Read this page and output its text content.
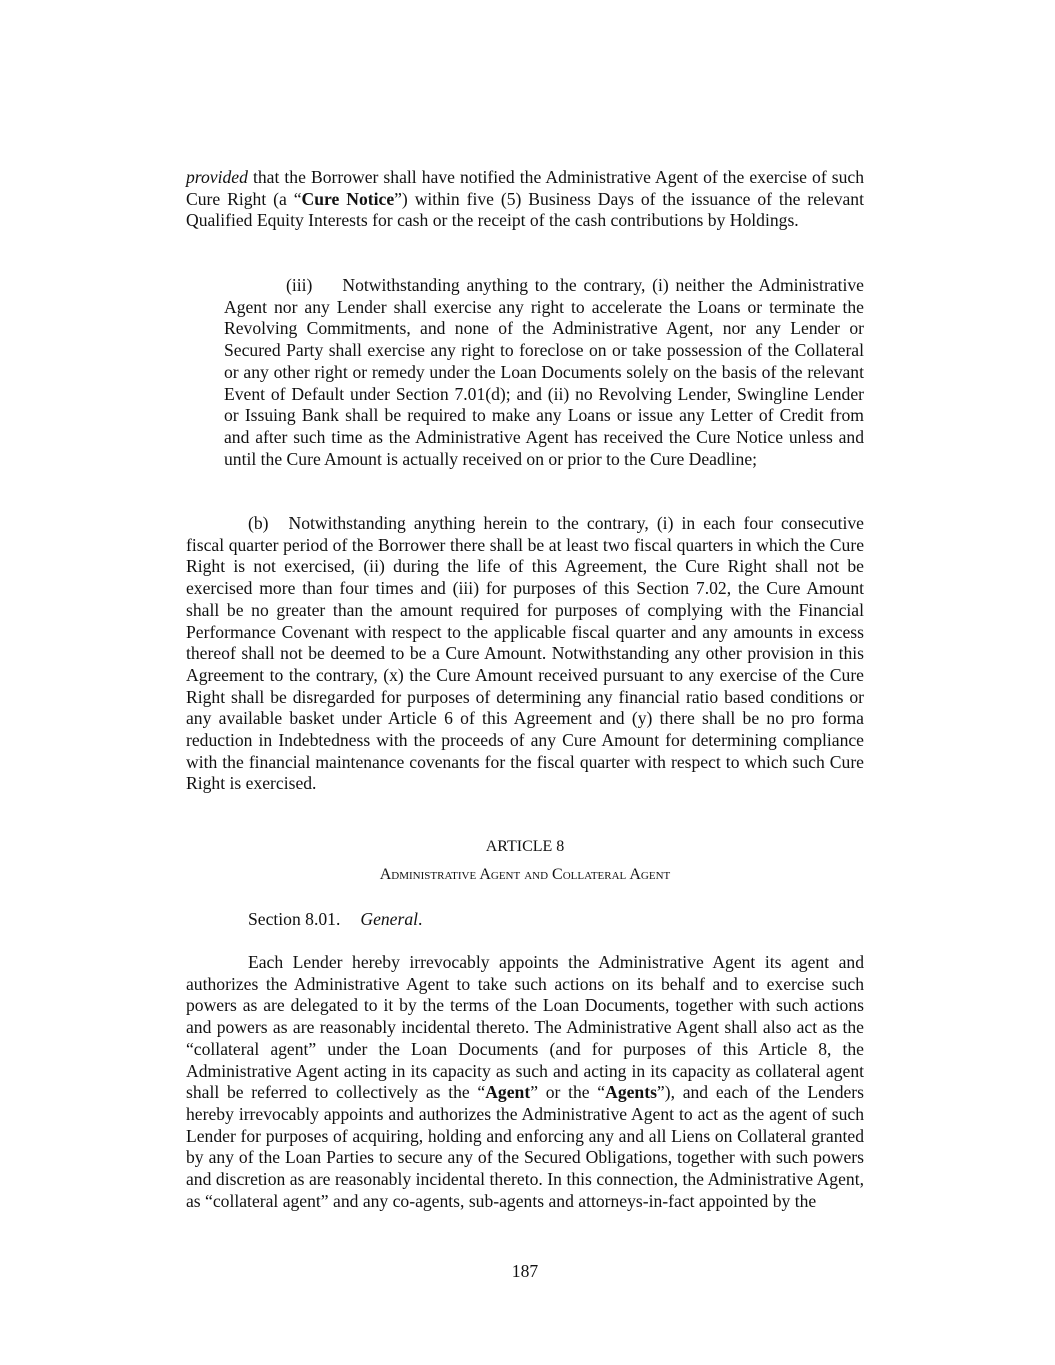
provided that the Borrower shall have notified the Administrative Agent of the exercise of such Cure Right (a “Cure Notice”) within five (5) Business Days of the issuance of the relevant Qualified Equity Interests for cash or the receipt of the cash contributions by Holdings.

(iii) Notwithstanding anything to the contrary, (i) neither the Administrative Agent nor any Lender shall exercise any right to accelerate the Loans or terminate the Revolving Commitments, and none of the Administrative Agent, nor any Lender or Secured Party shall exercise any right to foreclose on or take possession of the Collateral or any other right or remedy under the Loan Documents solely on the basis of the relevant Event of Default under Section 7.01(d); and (ii) no Revolving Lender, Swingline Lender or Issuing Bank shall be required to make any Loans or issue any Letter of Credit from and after such time as the Administrative Agent has received the Cure Notice unless and until the Cure Amount is actually received on or prior to the Cure Deadline;

(b) Notwithstanding anything herein to the contrary, (i) in each four consecutive fiscal quarter period of the Borrower there shall be at least two fiscal quarters in which the Cure Right is not exercised, (ii) during the life of this Agreement, the Cure Right shall not be exercised more than four times and (iii) for purposes of this Section 7.02, the Cure Amount shall be no greater than the amount required for purposes of complying with the Financial Performance Covenant with respect to the applicable fiscal quarter and any amounts in excess thereof shall not be deemed to be a Cure Amount. Notwithstanding any other provision in this Agreement to the contrary, (x) the Cure Amount received pursuant to any exercise of the Cure Right shall be disregarded for purposes of determining any financial ratio based conditions or any available basket under Article 6 of this Agreement and (y) there shall be no pro forma reduction in Indebtedness with the proceeds of any Cure Amount for determining compliance with the financial maintenance covenants for the fiscal quarter with respect to which such Cure Right is exercised.

ARTICLE 8

Administrative Agent and Collateral Agent

Section 8.01. General.

Each Lender hereby irrevocably appoints the Administrative Agent its agent and authorizes the Administrative Agent to take such actions on its behalf and to exercise such powers as are delegated to it by the terms of the Loan Documents, together with such actions and powers as are reasonably incidental thereto. The Administrative Agent shall also act as the “collateral agent” under the Loan Documents (and for purposes of this Article 8, the Administrative Agent acting in its capacity as such and acting in its capacity as collateral agent shall be referred to collectively as the “Agent” or the “Agents”), and each of the Lenders hereby irrevocably appoints and authorizes the Administrative Agent to act as the agent of such Lender for purposes of acquiring, holding and enforcing any and all Liens on Collateral granted by any of the Loan Parties to secure any of the Secured Obligations, together with such powers and discretion as are reasonably incidental thereto. In this connection, the Administrative Agent, as “collateral agent” and any co-agents, sub-agents and attorneys-in-fact appointed by the

187
